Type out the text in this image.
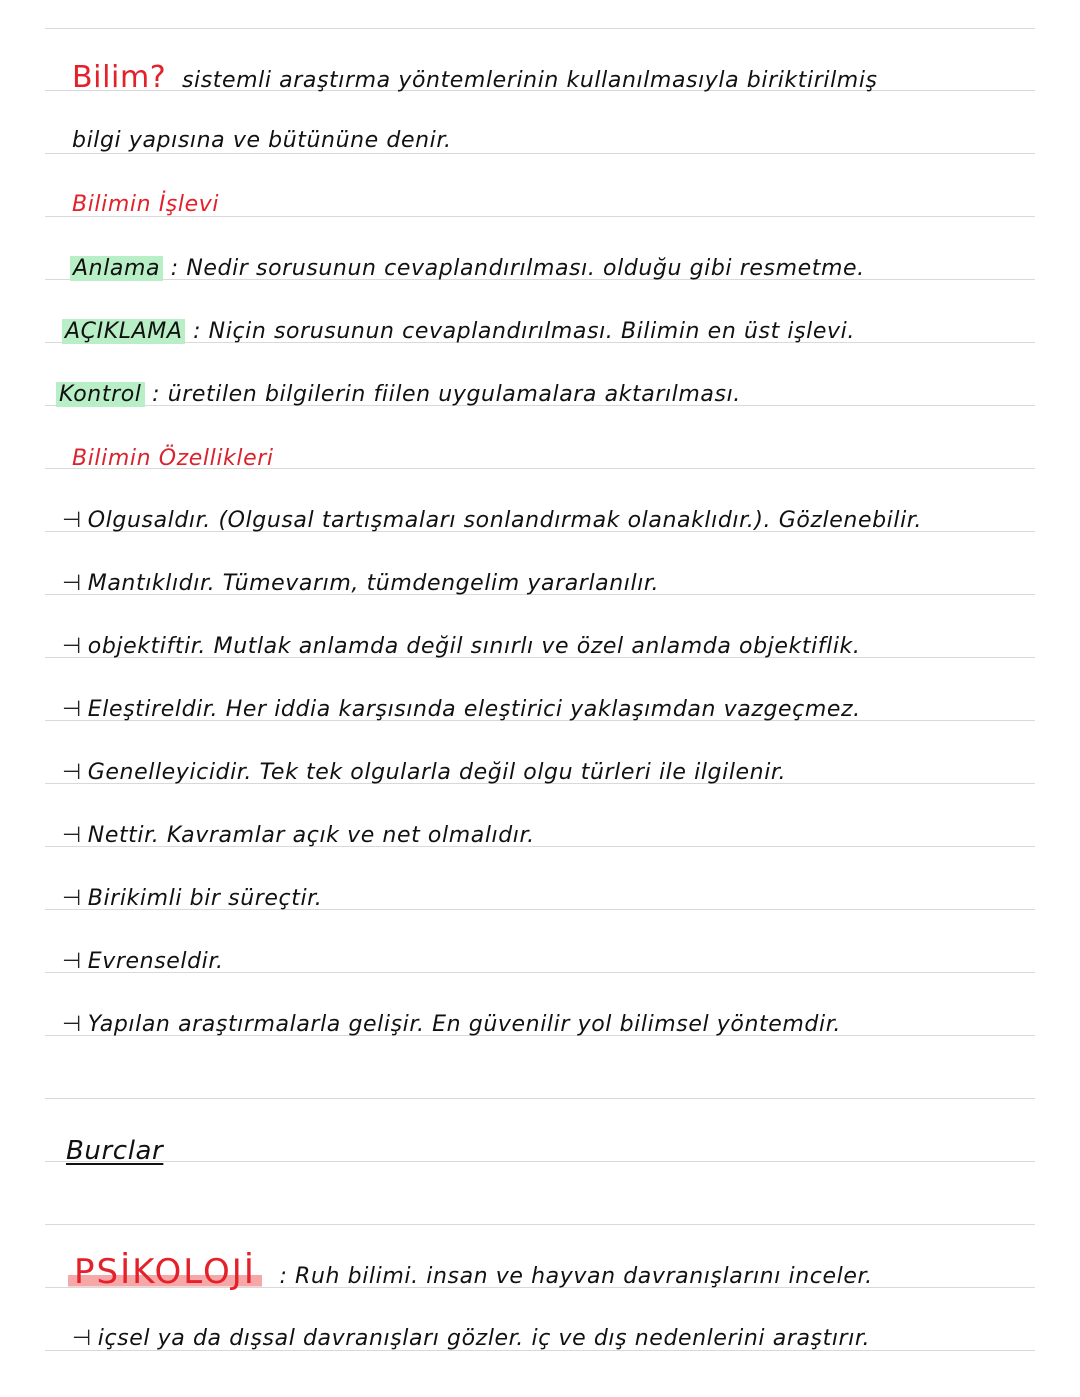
Bilim? sistemli araştırma yöntemlerinin kullanılmasıyla biriktirilmiş
bilgi yapısına ve bütününe denir.
Bilimin İşlevi
Anlama : Nedir sorusunun cevaplandırılması. olduğu gibi resmetme.
AÇIKLAMA : Niçin sorusunun cevaplandırılması. Bilimin en üst işlevi.
Kontrol : üretilen bilgilerin fiilen uygulamalara aktarılması.
Bilimin Özellikleri
⊣ Olgusaldır. (Olgusal tartışmaları sonlandırmak olanaklıdır.). Gözlenebilir.
⊣ Mantıklıdır. Tümevarım, tümdengelim yararlanılır.
⊣ objektiftir. Mutlak anlamda değil sınırlı ve özel anlamda objektiflik.
⊣ Eleştireldir. Her iddia karşısında eleştirici yaklaşımdan vazgeçmez.
⊣ Genelleyicidir. Tek tek olgularla değil olgu türleri ile ilgilenir.
⊣ Nettir. Kavramlar açık ve net olmalıdır.
⊣ Birikimli bir süreçtir.
⊣ Evrenseldir.
⊣ Yapılan araştırmalarla gelişir. En güvenilir yol bilimsel yöntemdir.
Burclar
PSİKOLOJİ : Ruh bilimi. insan ve hayvan davranışlarını inceler.
⊣ içsel ya da dışsal davranışları gözler. iç ve dış nedenlerini araştırır.
